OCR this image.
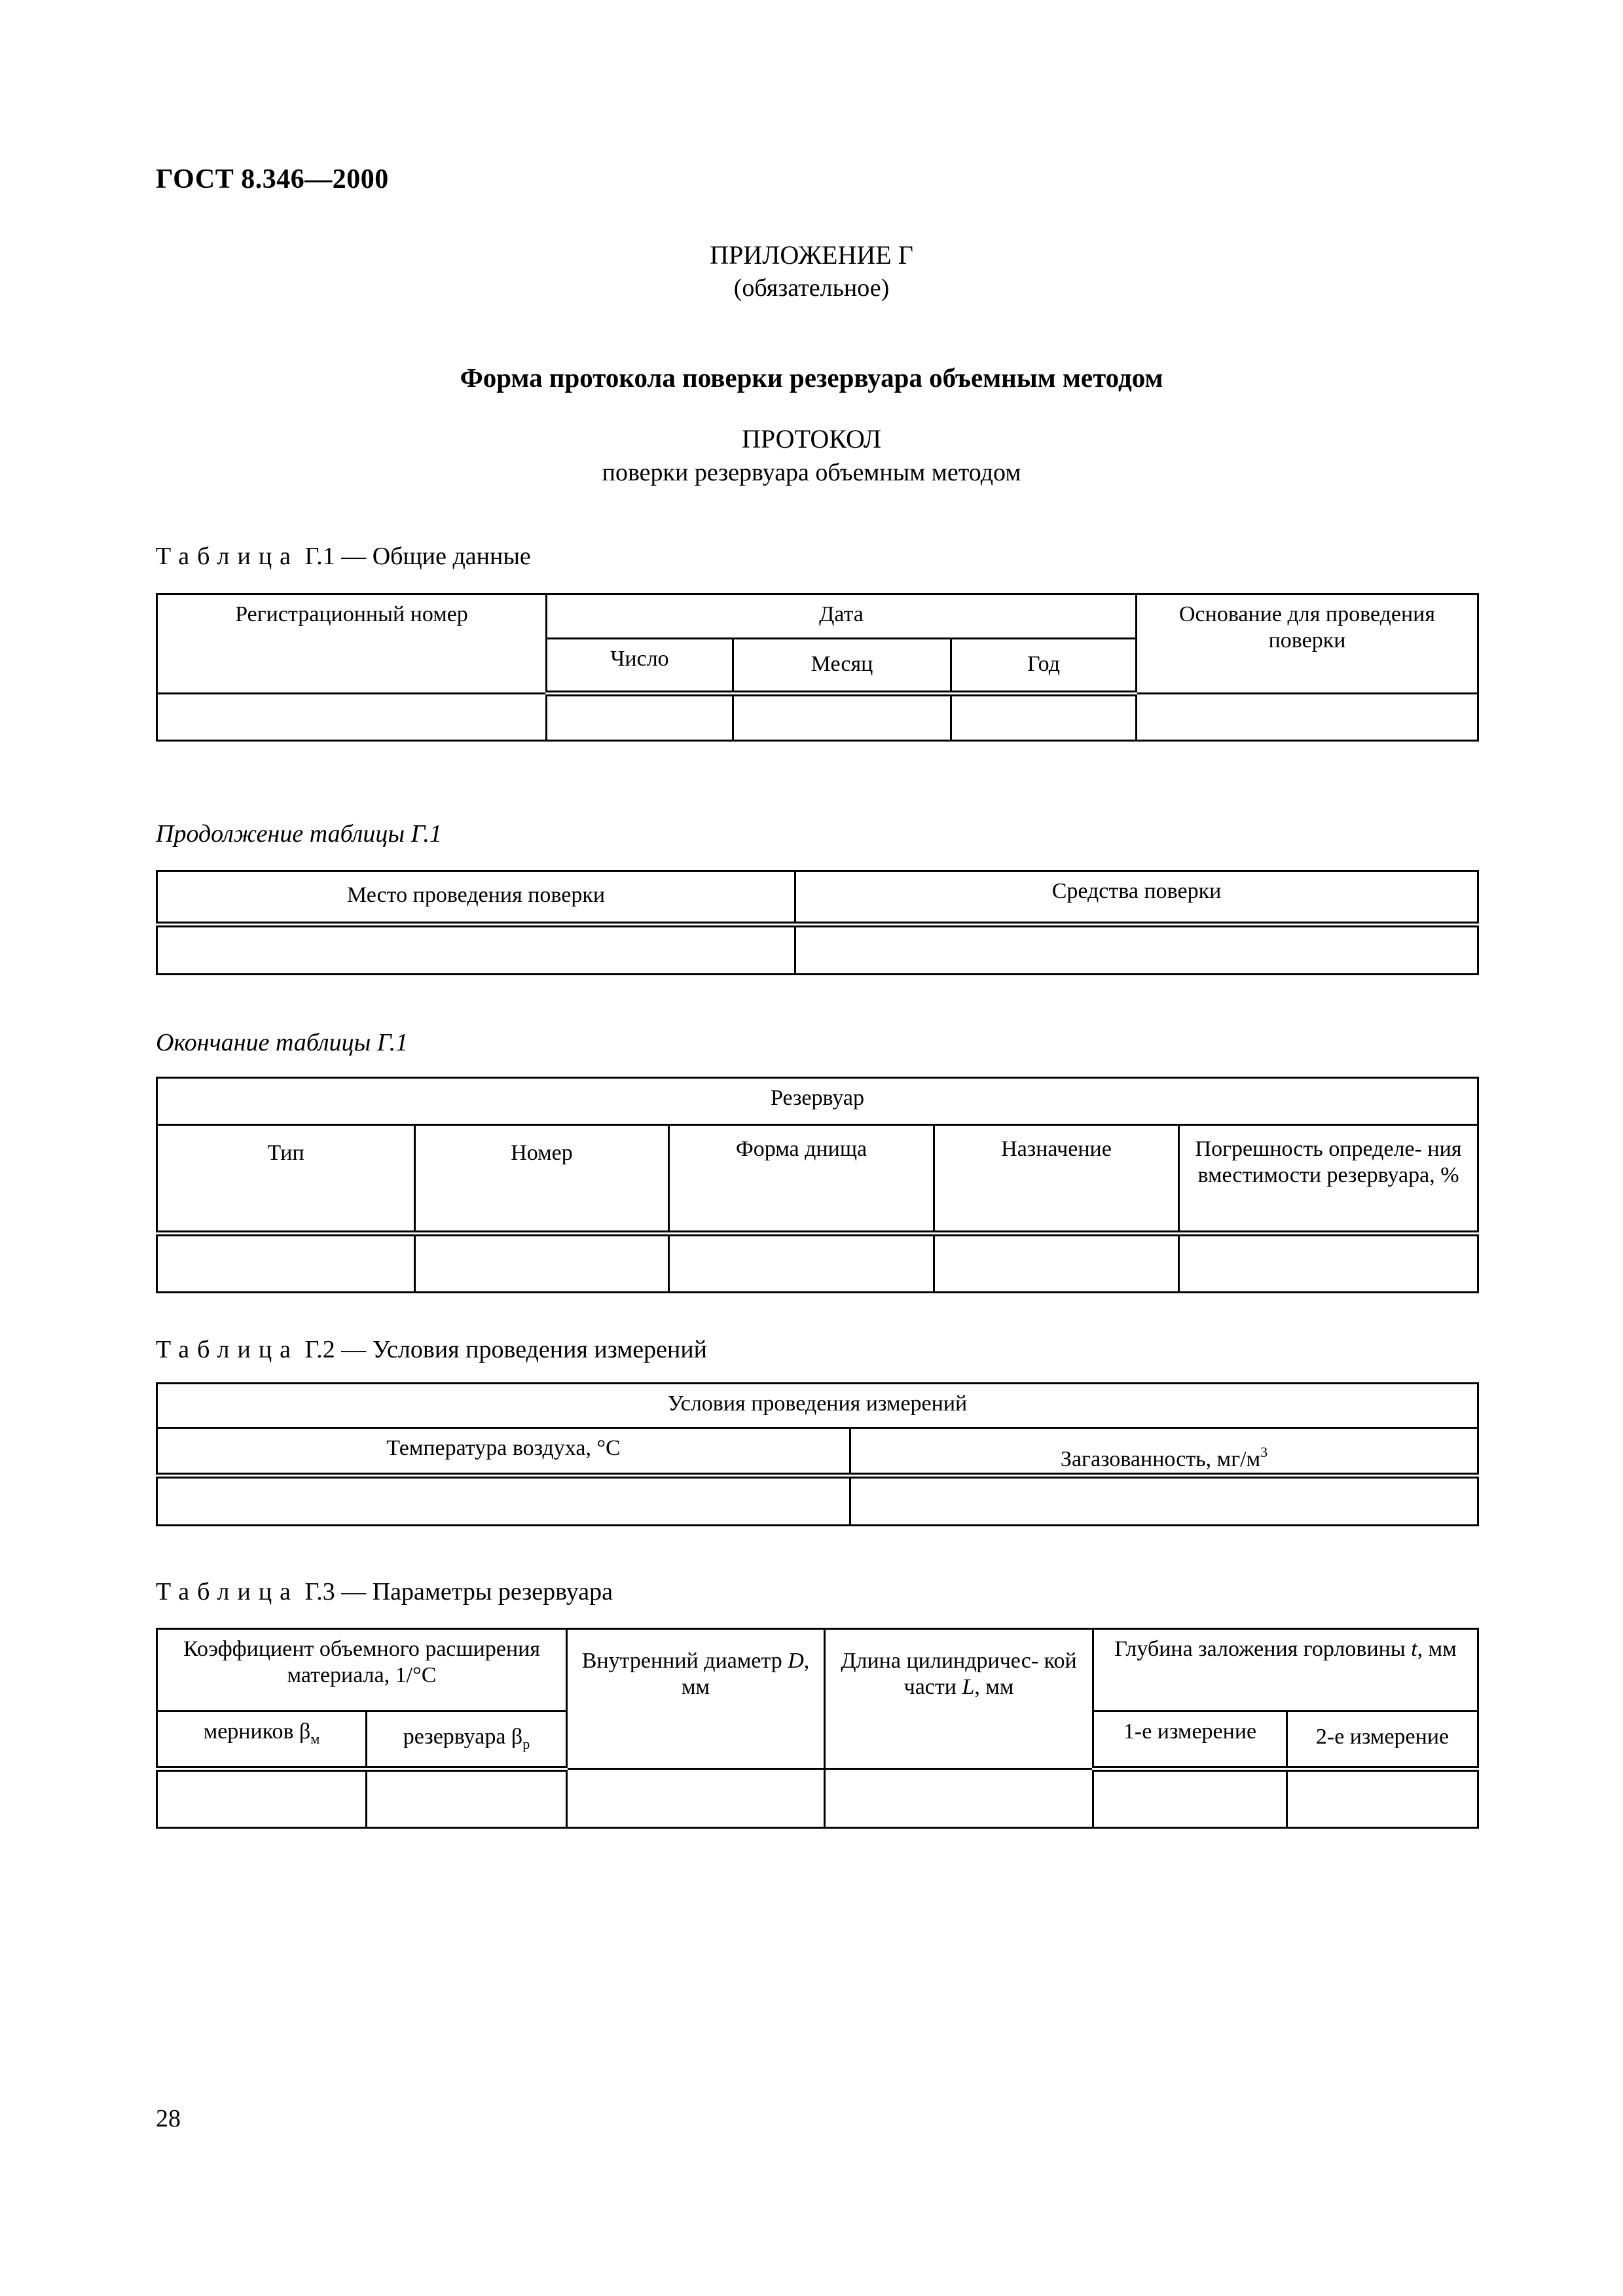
ГОСТ 8.346—2000
ПРИЛОЖЕНИЕ Г
(обязательное)
Форма протокола поверки резервуара объемным методом
ПРОТОКОЛ
поверки резервуара объемным методом
Таблица Г.1 — Общие данные
Регистрационный номер	Дата			Основание для проведения поверки
	Число	Месяц	Год	

Продолжение таблицы Г.1
Место проведения поверки	Средства поверки

Окончание таблицы Г.1
Резервуар				
Тип	Номер	Форма днища	Назначение	Погрешность определе- ния вместимости резервуара, %

Таблица Г.2 — Условия проведения измерений
Условия проведения измерений	
Температура воздуха, °С	Загазованность, $мг/м^3$

Таблица Г.3 — Параметры резервуара
Коэффициент объемного расширения материала, 1/°С		Внутренний диаметр D, мм	Длина цилиндричес- кой части L, мм	Глубина заложения горловины t, мм	
мерников $\beta_м$	резервуара $\beta_р$			1-е измерение	2-е измерение

28
